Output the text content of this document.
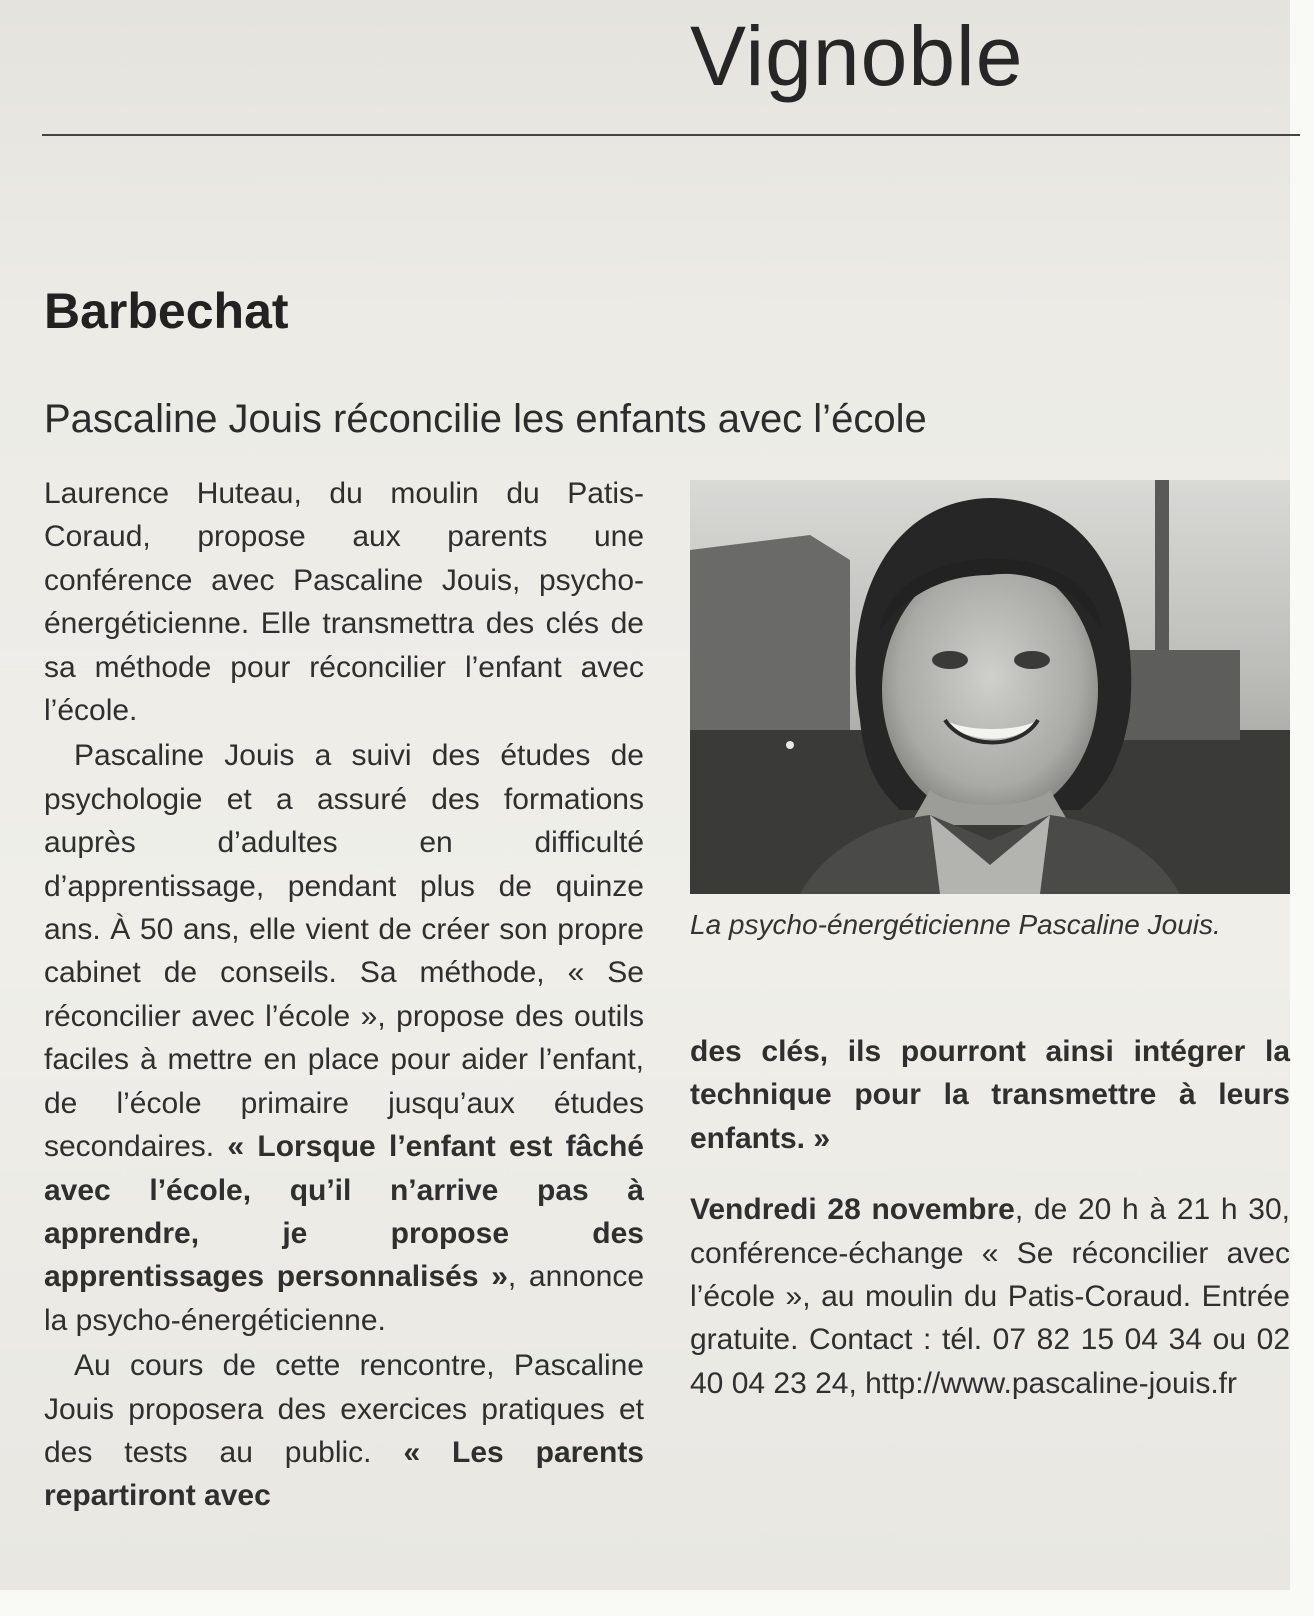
Vignoble
Barbechat
Pascaline Jouis réconcilie les enfants avec l’école

Laurence Huteau, du moulin du Patis-Coraud, propose aux parents une conférence avec Pascaline Jouis, psycho-énergéticienne. Elle transmettra des clés de sa méthode pour réconcilier l’enfant avec l’école.

Pascaline Jouis a suivi des études de psychologie et a assuré des formations auprès d’adultes en difficulté d’apprentissage, pendant plus de quinze ans. À 50 ans, elle vient de créer son propre cabinet de conseils. Sa méthode, « Se réconcilier avec l’école », propose des outils faciles à mettre en place pour aider l’enfant, de l’école primaire jusqu’aux études secondaires. « Lorsque l’enfant est fâché avec l’école, qu’il n’arrive pas à apprendre, je propose des apprentissages personnalisés », annonce la psycho-énergéticienne.

Au cours de cette rencontre, Pascaline Jouis proposera des exercices pratiques et des tests au public. « Les parents repartiront avec

La psycho-énergéticienne Pascaline Jouis.

des clés, ils pourront ainsi intégrer la technique pour la transmettre à leurs enfants. »

Vendredi 28 novembre, de 20 h à 21 h 30, conférence-échange « Se réconcilier avec l’école », au moulin du Patis-Coraud. Entrée gratuite. Contact : tél. 07 82 15 04 34 ou 02 40 04 23 24, http://www.pascaline-jouis.fr
